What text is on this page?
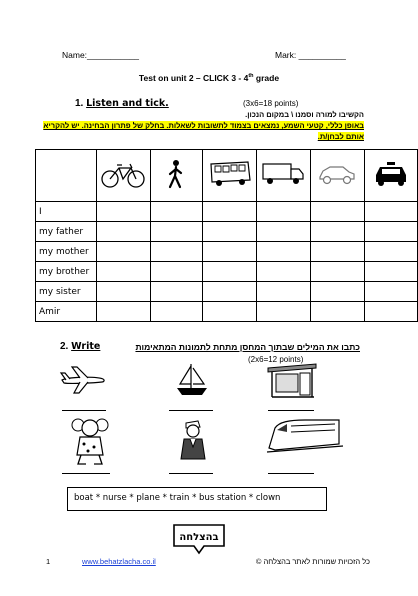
Name:___________	Mark: __________
Test on unit 2 – CLICK 3 - 4th grade
1. Listen and tick.	(3x6=18 points)
הקשיבו למורה וסמנו \ במקום הנכון.
באופן כללי, קטעי השמע, נמצאים בצמוד לתשובות לשאלות. בחלק של פתרון הבחינה. יש להקריא אותם לבחן/ת.

I						
my father						
my mother						
my brother						
my sister						
Amir						
2. Write	כתבו את המילים שבתוך המחסן מתחת לתמונות המתאימות
(2x6=12 points)
boat * nurse * plane * train * bus station * clown
בהצלחה
1	www.behatzlacha.co.il	כל הזכויות שמורות לאתר בהצלחה ©
